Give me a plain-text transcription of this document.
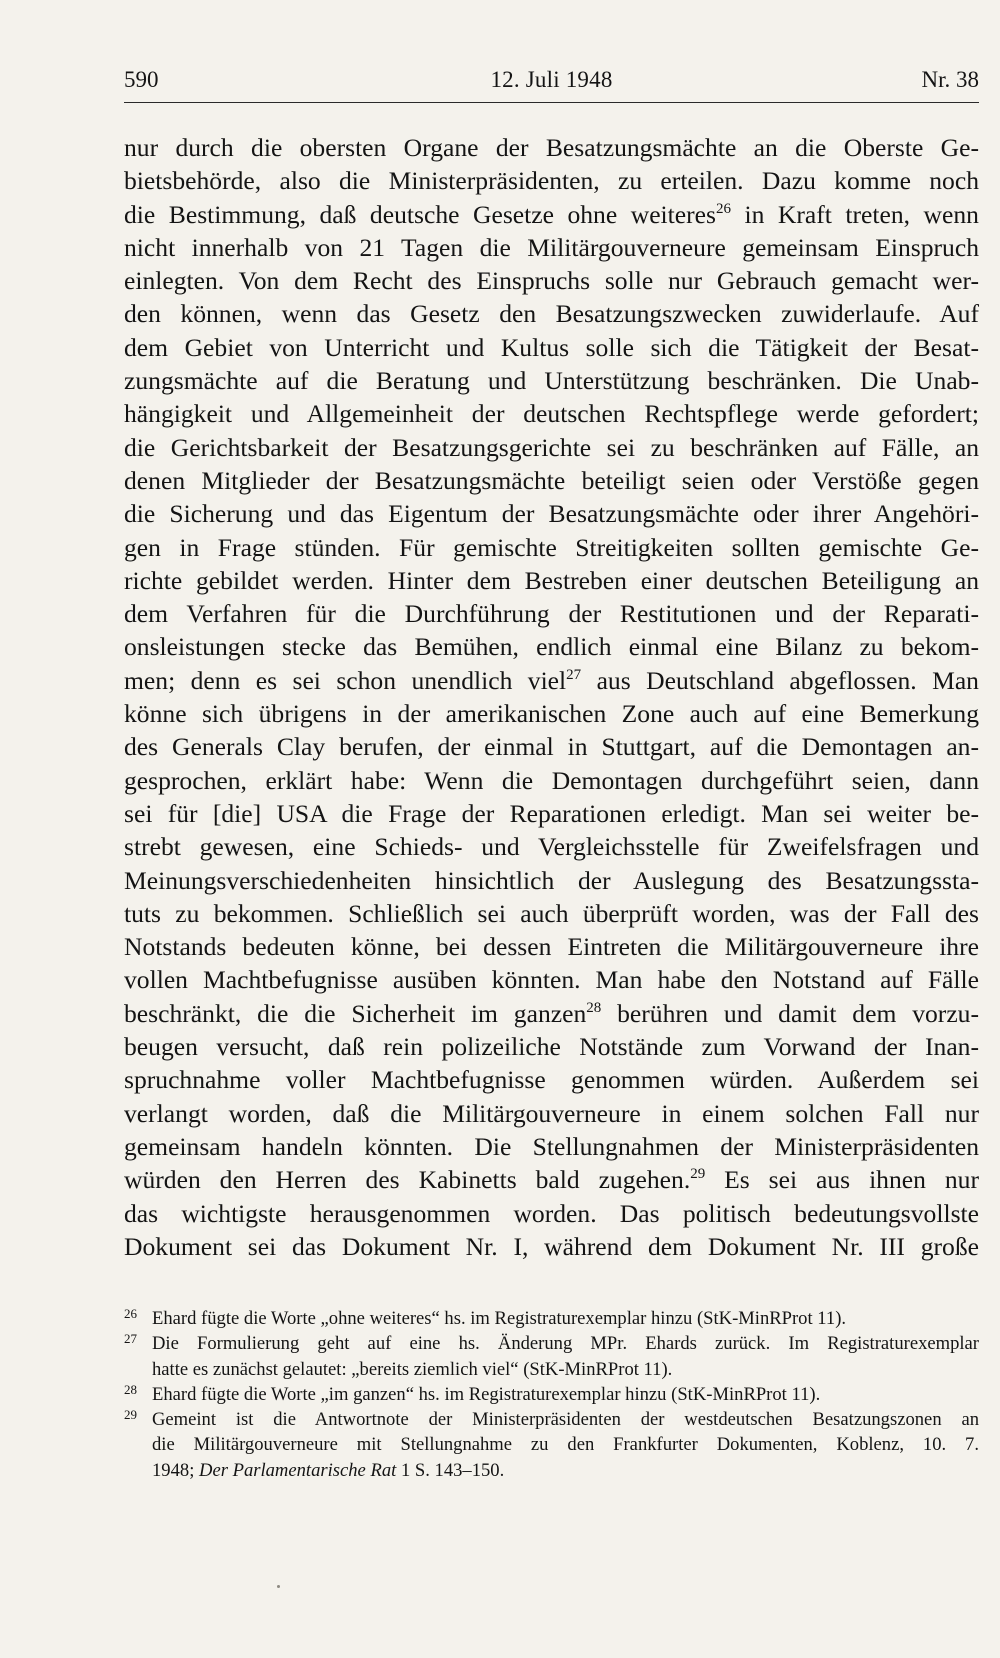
590	12. Juli 1948	Nr. 38
nur durch die obersten Organe der Besatzungsmächte an die Oberste Ge-
bietsbehörde, also die Ministerpräsidenten, zu erteilen. Dazu komme noch
die Bestimmung, daß deutsche Gesetze ohne weiteres$^{26}$ in Kraft treten, wenn
nicht innerhalb von 21 Tagen die Militärgouverneure gemeinsam Einspruch
einlegten. Von dem Recht des Einspruchs solle nur Gebrauch gemacht wer-
den können, wenn das Gesetz den Besatzungszwecken zuwiderlaufe. Auf
dem Gebiet von Unterricht und Kultus solle sich die Tätigkeit der Besat-
zungsmächte auf die Beratung und Unterstützung beschränken. Die Unab-
hängigkeit und Allgemeinheit der deutschen Rechtspflege werde gefordert;
die Gerichtsbarkeit der Besatzungsgerichte sei zu beschränken auf Fälle, an
denen Mitglieder der Besatzungsmächte beteiligt seien oder Verstöße gegen
die Sicherung und das Eigentum der Besatzungsmächte oder ihrer Angehöri-
gen in Frage stünden. Für gemischte Streitigkeiten sollten gemischte Ge-
richte gebildet werden. Hinter dem Bestreben einer deutschen Beteiligung an
dem Verfahren für die Durchführung der Restitutionen und der Reparati-
onsleistungen stecke das Bemühen, endlich einmal eine Bilanz zu bekom-
men; denn es sei schon unendlich viel$^{27}$ aus Deutschland abgeflossen. Man
könne sich übrigens in der amerikanischen Zone auch auf eine Bemerkung
des Generals Clay berufen, der einmal in Stuttgart, auf die Demontagen an-
gesprochen, erklärt habe: Wenn die Demontagen durchgeführt seien, dann
sei für [die] USA die Frage der Reparationen erledigt. Man sei weiter be-
strebt gewesen, eine Schieds- und Vergleichsstelle für Zweifelsfragen und
Meinungsverschiedenheiten hinsichtlich der Auslegung des Besatzungssta-
tuts zu bekommen. Schließlich sei auch überprüft worden, was der Fall des
Notstands bedeuten könne, bei dessen Eintreten die Militärgouverneure ihre
vollen Machtbefugnisse ausüben könnten. Man habe den Notstand auf Fälle
beschränkt, die die Sicherheit im ganzen$^{28}$ berühren und damit dem vorzu-
beugen versucht, daß rein polizeiliche Notstände zum Vorwand der Inan-
spruchnahme voller Machtbefugnisse genommen würden. Außerdem sei
verlangt worden, daß die Militärgouverneure in einem solchen Fall nur
gemeinsam handeln könnten. Die Stellungnahmen der Ministerpräsidenten
würden den Herren des Kabinetts bald zugehen.$^{29}$ Es sei aus ihnen nur
das wichtigste herausgenommen worden. Das politisch bedeutungsvollste
Dokument sei das Dokument Nr. I, während dem Dokument Nr. III große
26 Ehard fügte die Worte „ohne weiteres“ hs. im Registraturexemplar hinzu (StK-MinRProt 11).
27 Die Formulierung geht auf eine hs. Änderung MPr. Ehards zurück. Im Registraturexemplar
hatte es zunächst gelautet: „bereits ziemlich viel“ (StK-MinRProt 11).
28 Ehard fügte die Worte „im ganzen“ hs. im Registraturexemplar hinzu (StK-MinRProt 11).
29 Gemeint ist die Antwortnote der Ministerpräsidenten der westdeutschen Besatzungszonen an
die Militärgouverneure mit Stellungnahme zu den Frankfurter Dokumenten, Koblenz, 10. 7.
1948; Der Parlamentarische Rat 1 S. 143–150.
